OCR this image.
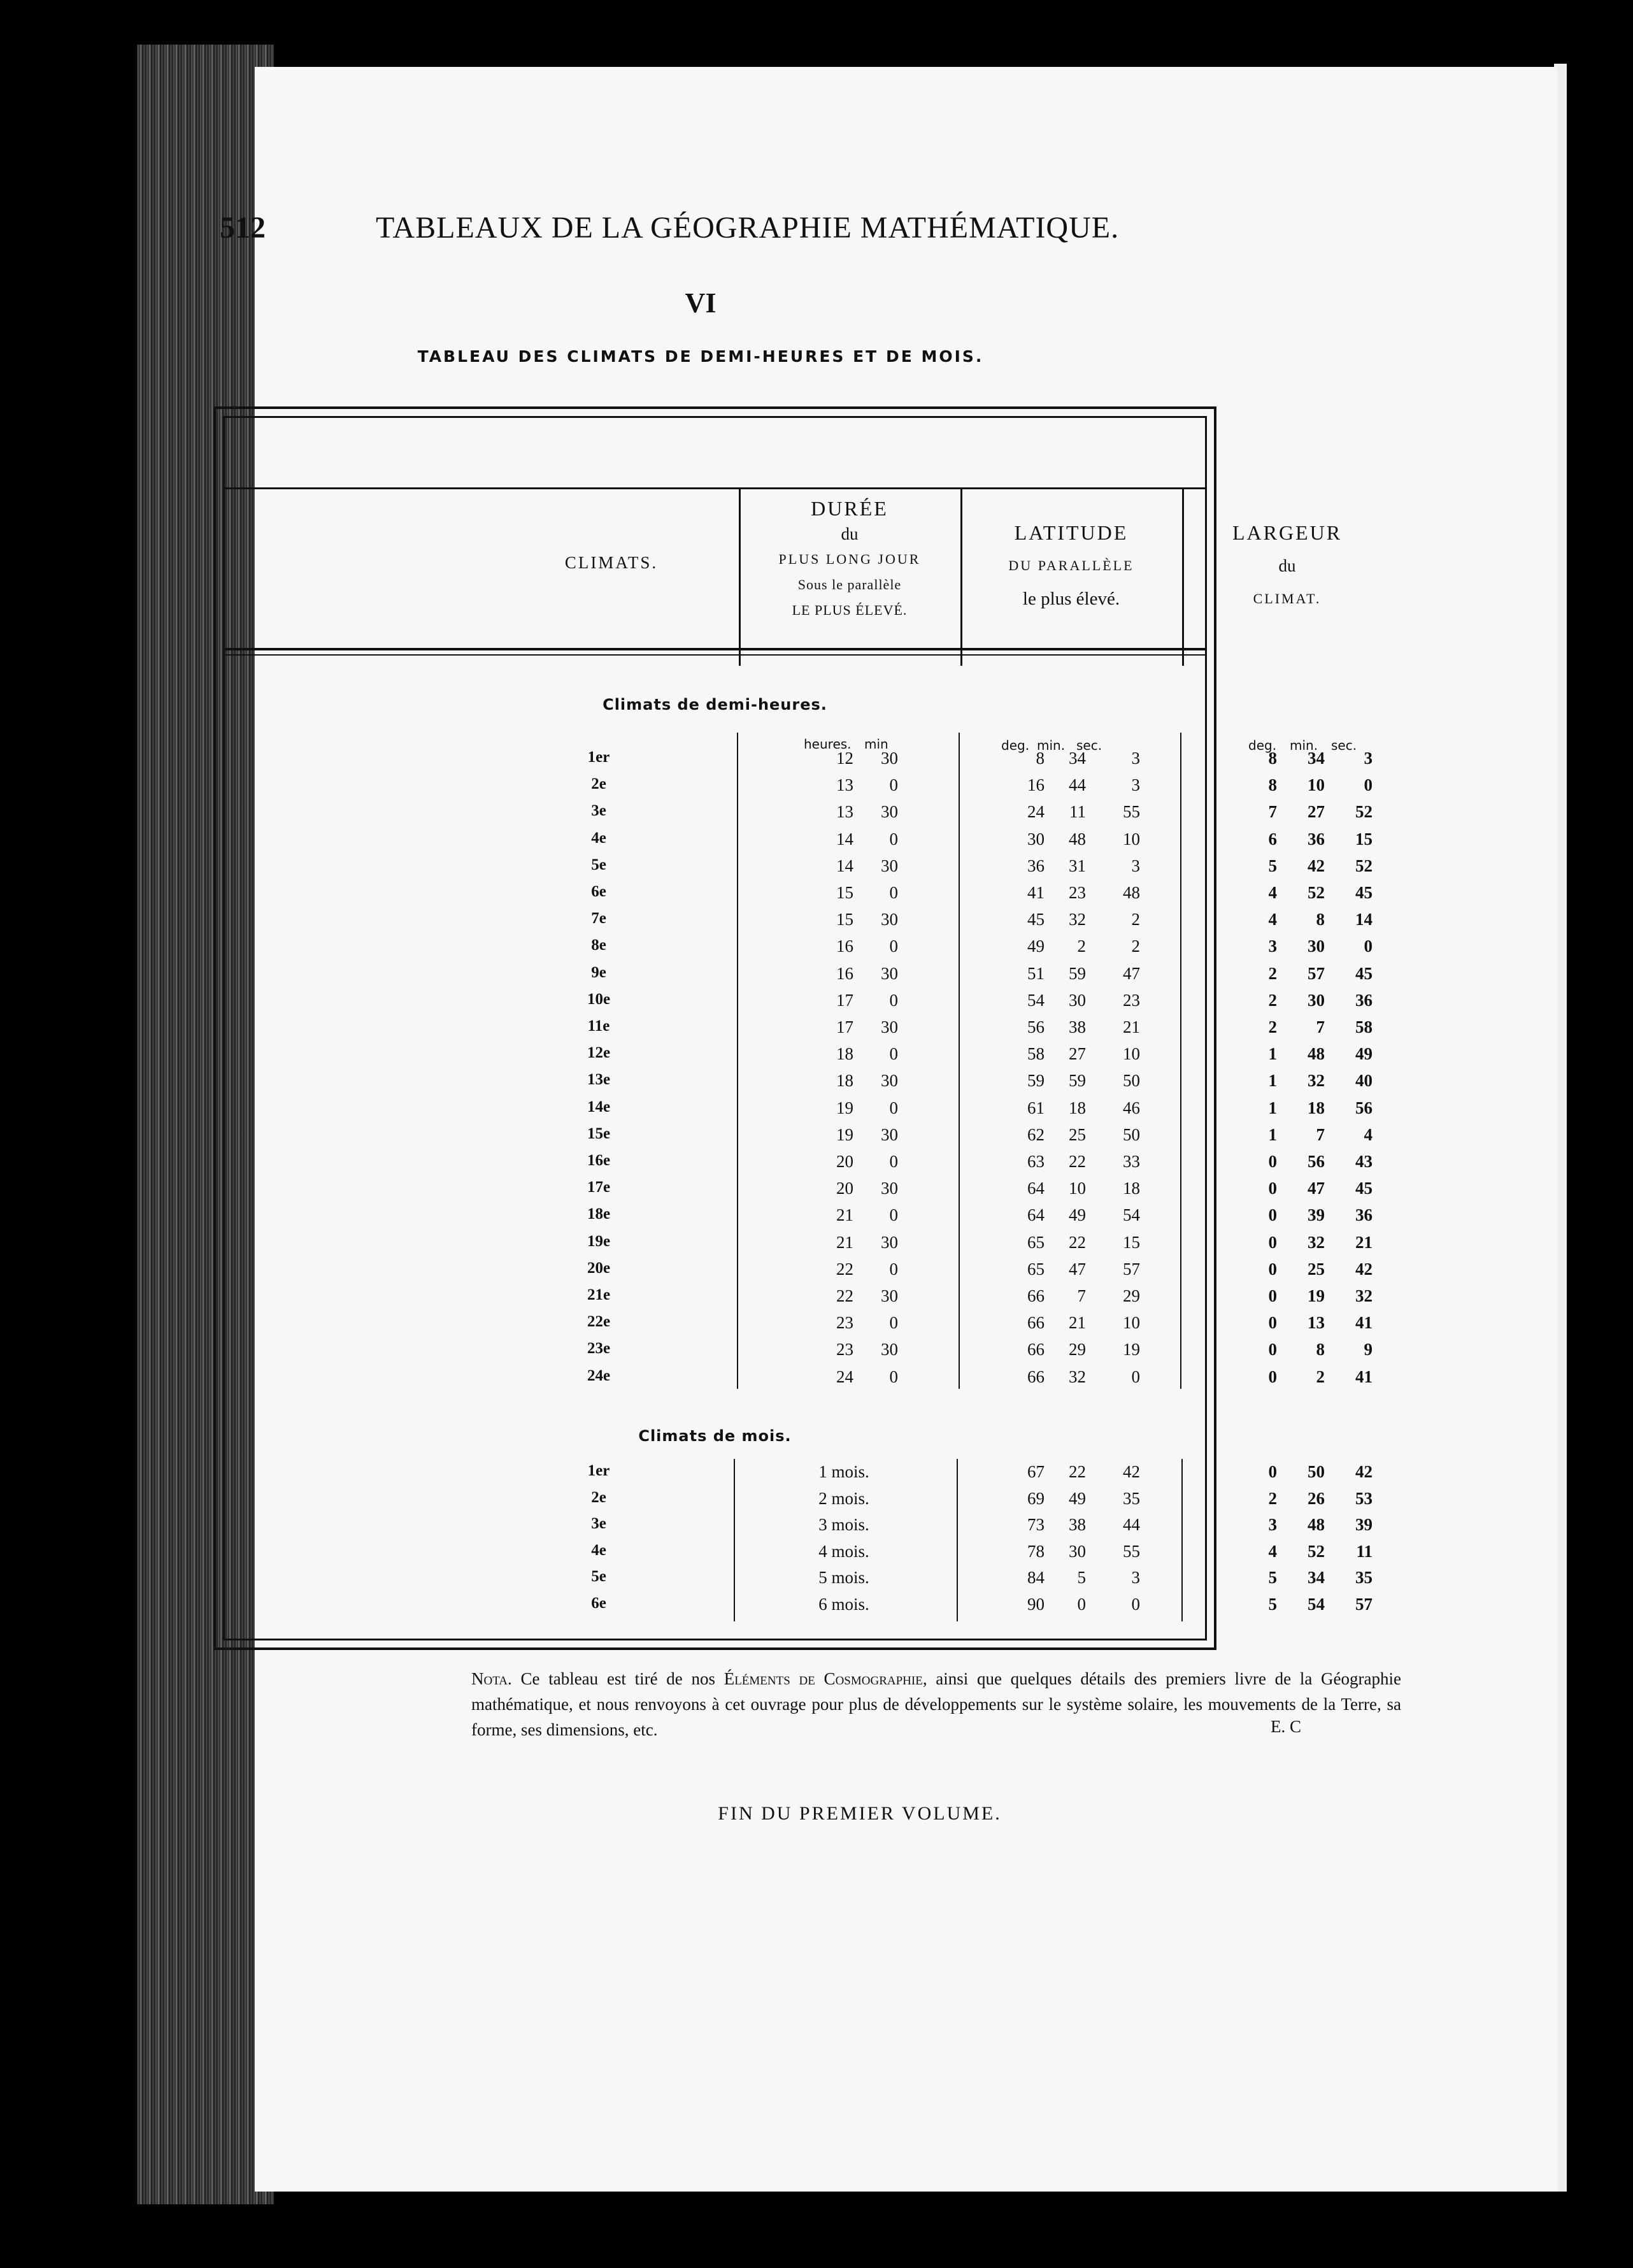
512	TABLEAUX DE LA GÉOGRAPHIE MATHÉMATIQUE.
VI
TABLEAU DES CLIMATS DE DEMI-HEURES ET DE MOIS.
CLIMATS.
DURÉE
du
PLUS LONG JOUR
Sous le parallèle
LE PLUS ÉLEVÉ.
LATITUDE
DU PARALLÈLE
le plus élevé.
LARGEUR
du
CLIMAT.
Climats de demi-heures.
heures. min	deg. min. sec.	deg. min. sec.
1er	12	30	8	34	3	8	34	3
2e	13	0	16	44	3	8	10	0
3e	13	30	24	11	55	7	27	52
4e	14	0	30	48	10	6	36	15
5e	14	30	36	31	3	5	42	52
6e	15	0	41	23	48	4	52	45
7e	15	30	45	32	2	4	8	14
8e	16	0	49	2	2	3	30	0
9e	16	30	51	59	47	2	57	45
10e	17	0	54	30	23	2	30	36
11e	17	30	56	38	21	2	7	58
12e	18	0	58	27	10	1	48	49
13e	18	30	59	59	50	1	32	40
14e	19	0	61	18	46	1	18	56
15e	19	30	62	25	50	1	7	4
16e	20	0	63	22	33	0	56	43
17e	20	30	64	10	18	0	47	45
18e	21	0	64	49	54	0	39	36
19e	21	30	65	22	15	0	32	21
20e	22	0	65	47	57	0	25	42
21e	22	30	66	7	29	0	19	32
22e	23	0	66	21	10	0	13	41
23e	23	30	66	29	19	0	8	9
24e	24	0	66	32	0	0	2	41
Climats de mois.
1er	1 mois.	67	22	42	0	50	42
2e	2 mois.	69	49	35	2	26	53
3e	3 mois.	73	38	44	3	48	39
4e	4 mois.	78	30	55	4	52	11
5e	5 mois.	84	5	3	5	34	35
6e	6 mois.	90	0	0	5	54	57
Nota. Ce tableau est tiré de nos Éléments de Cosmographie, ainsi que quelques détails des premiers livre de la Géographie mathématique, et nous renvoyons à cet ouvrage pour plus de développements sur le système solaire, les mouvements de la Terre, sa forme, ses dimensions, etc.	E. C
FIN DU PREMIER VOLUME.
